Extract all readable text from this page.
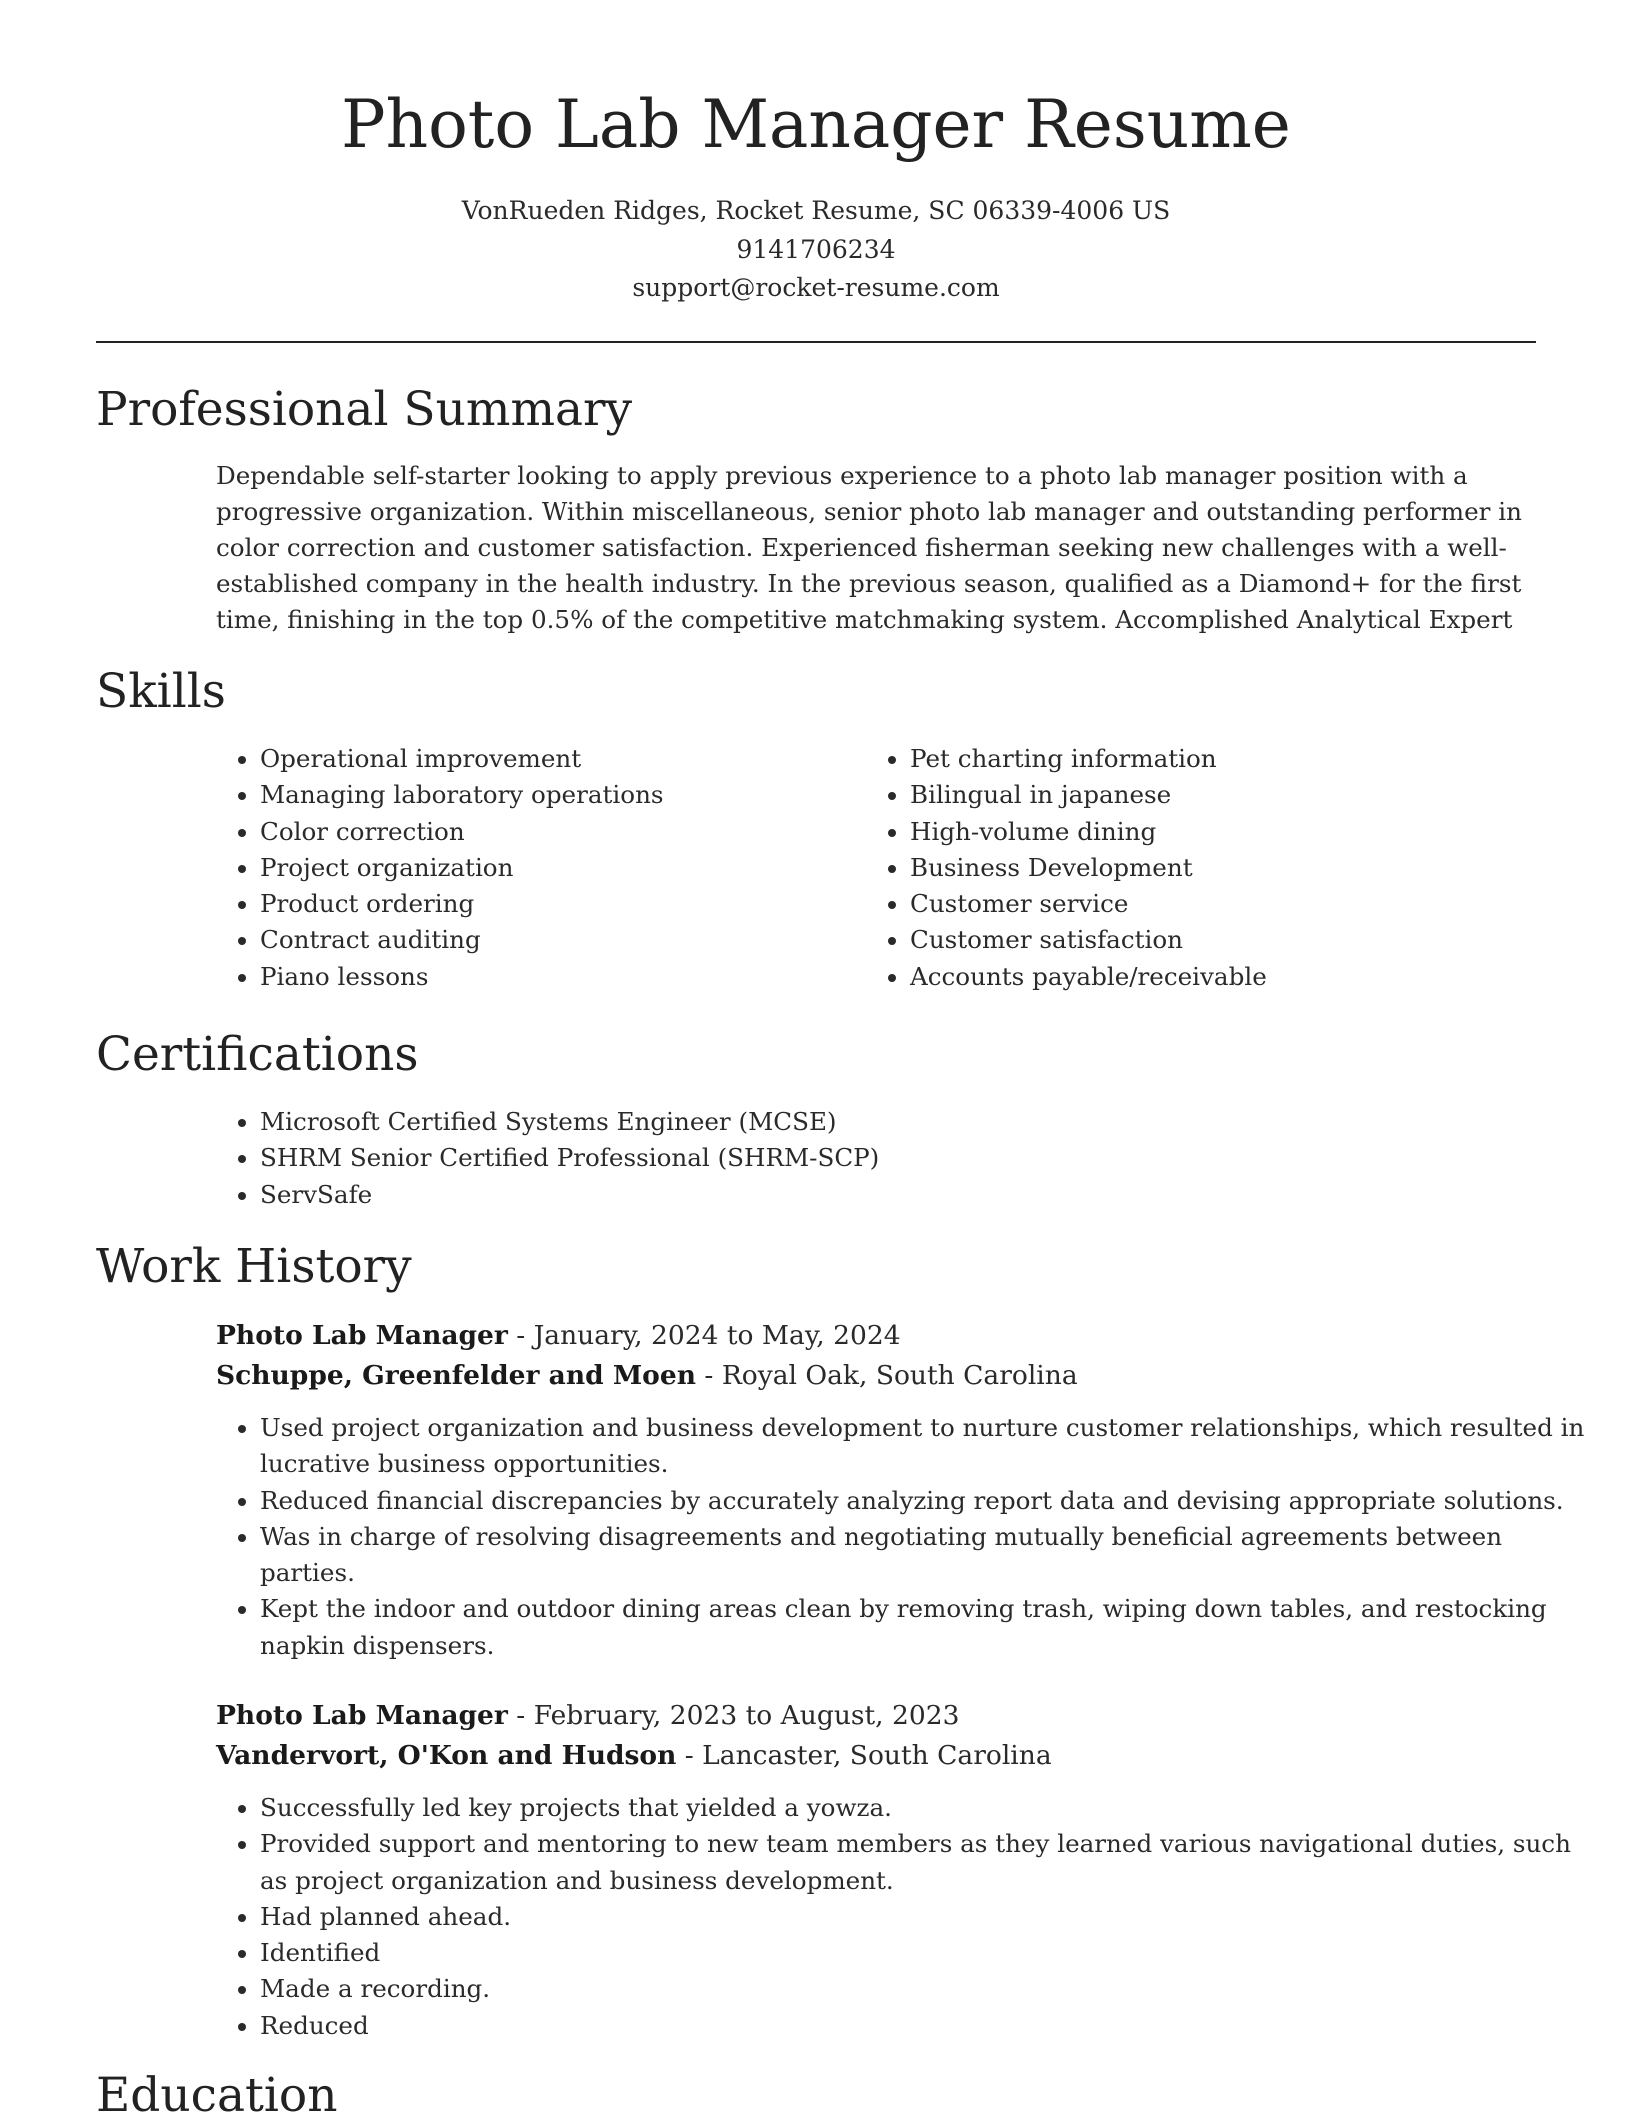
Photo Lab Manager Resume

VonRueden Ridges, Rocket Resume, SC 06339-4006 US

9141706234

support@rocket-resume.com

Professional Summary

Dependable self-starter looking to apply previous experience to a photo lab manager position with a progressive organization. Within miscellaneous, senior photo lab manager and outstanding performer in color correction and customer satisfaction. Experienced fisherman seeking new challenges with a well-established company in the health industry. In the previous season, qualified as a Diamond+ for the first time, finishing in the top 0.5% of the competitive matchmaking system. Accomplished Analytical Expert

Skills
• Operational improvement
• Managing laboratory operations
• Color correction
• Project organization
• Product ordering
• Contract auditing
• Piano lessons
• Pet charting information
• Bilingual in japanese
• High-volume dining
• Business Development
• Customer service
• Customer satisfaction
• Accounts payable/receivable
Certifications
• Microsoft Certified Systems Engineer (MCSE)
• SHRM Senior Certified Professional (SHRM-SCP)
• ServSafe
Work History

Photo Lab Manager - January, 2024 to May, 2024

Schuppe, Greenfelder and Moen - Royal Oak, South Carolina

• Used project organization and business development to nurture customer relationships, which resulted in lucrative business opportunities.
• Reduced financial discrepancies by accurately analyzing report data and devising appropriate solutions.
• Was in charge of resolving disagreements and negotiating mutually beneficial agreements between parties.
• Kept the indoor and outdoor dining areas clean by removing trash, wiping down tables, and restocking napkin dispensers.

Photo Lab Manager - February, 2023 to August, 2023

Vandervort, O'Kon and Hudson - Lancaster, South Carolina

• Successfully led key projects that yielded a yowza.
• Provided support and mentoring to new team members as they learned various navigational duties, such as project organization and business development.
• Had planned ahead.
• Identified
• Made a recording.
• Reduced
Education
